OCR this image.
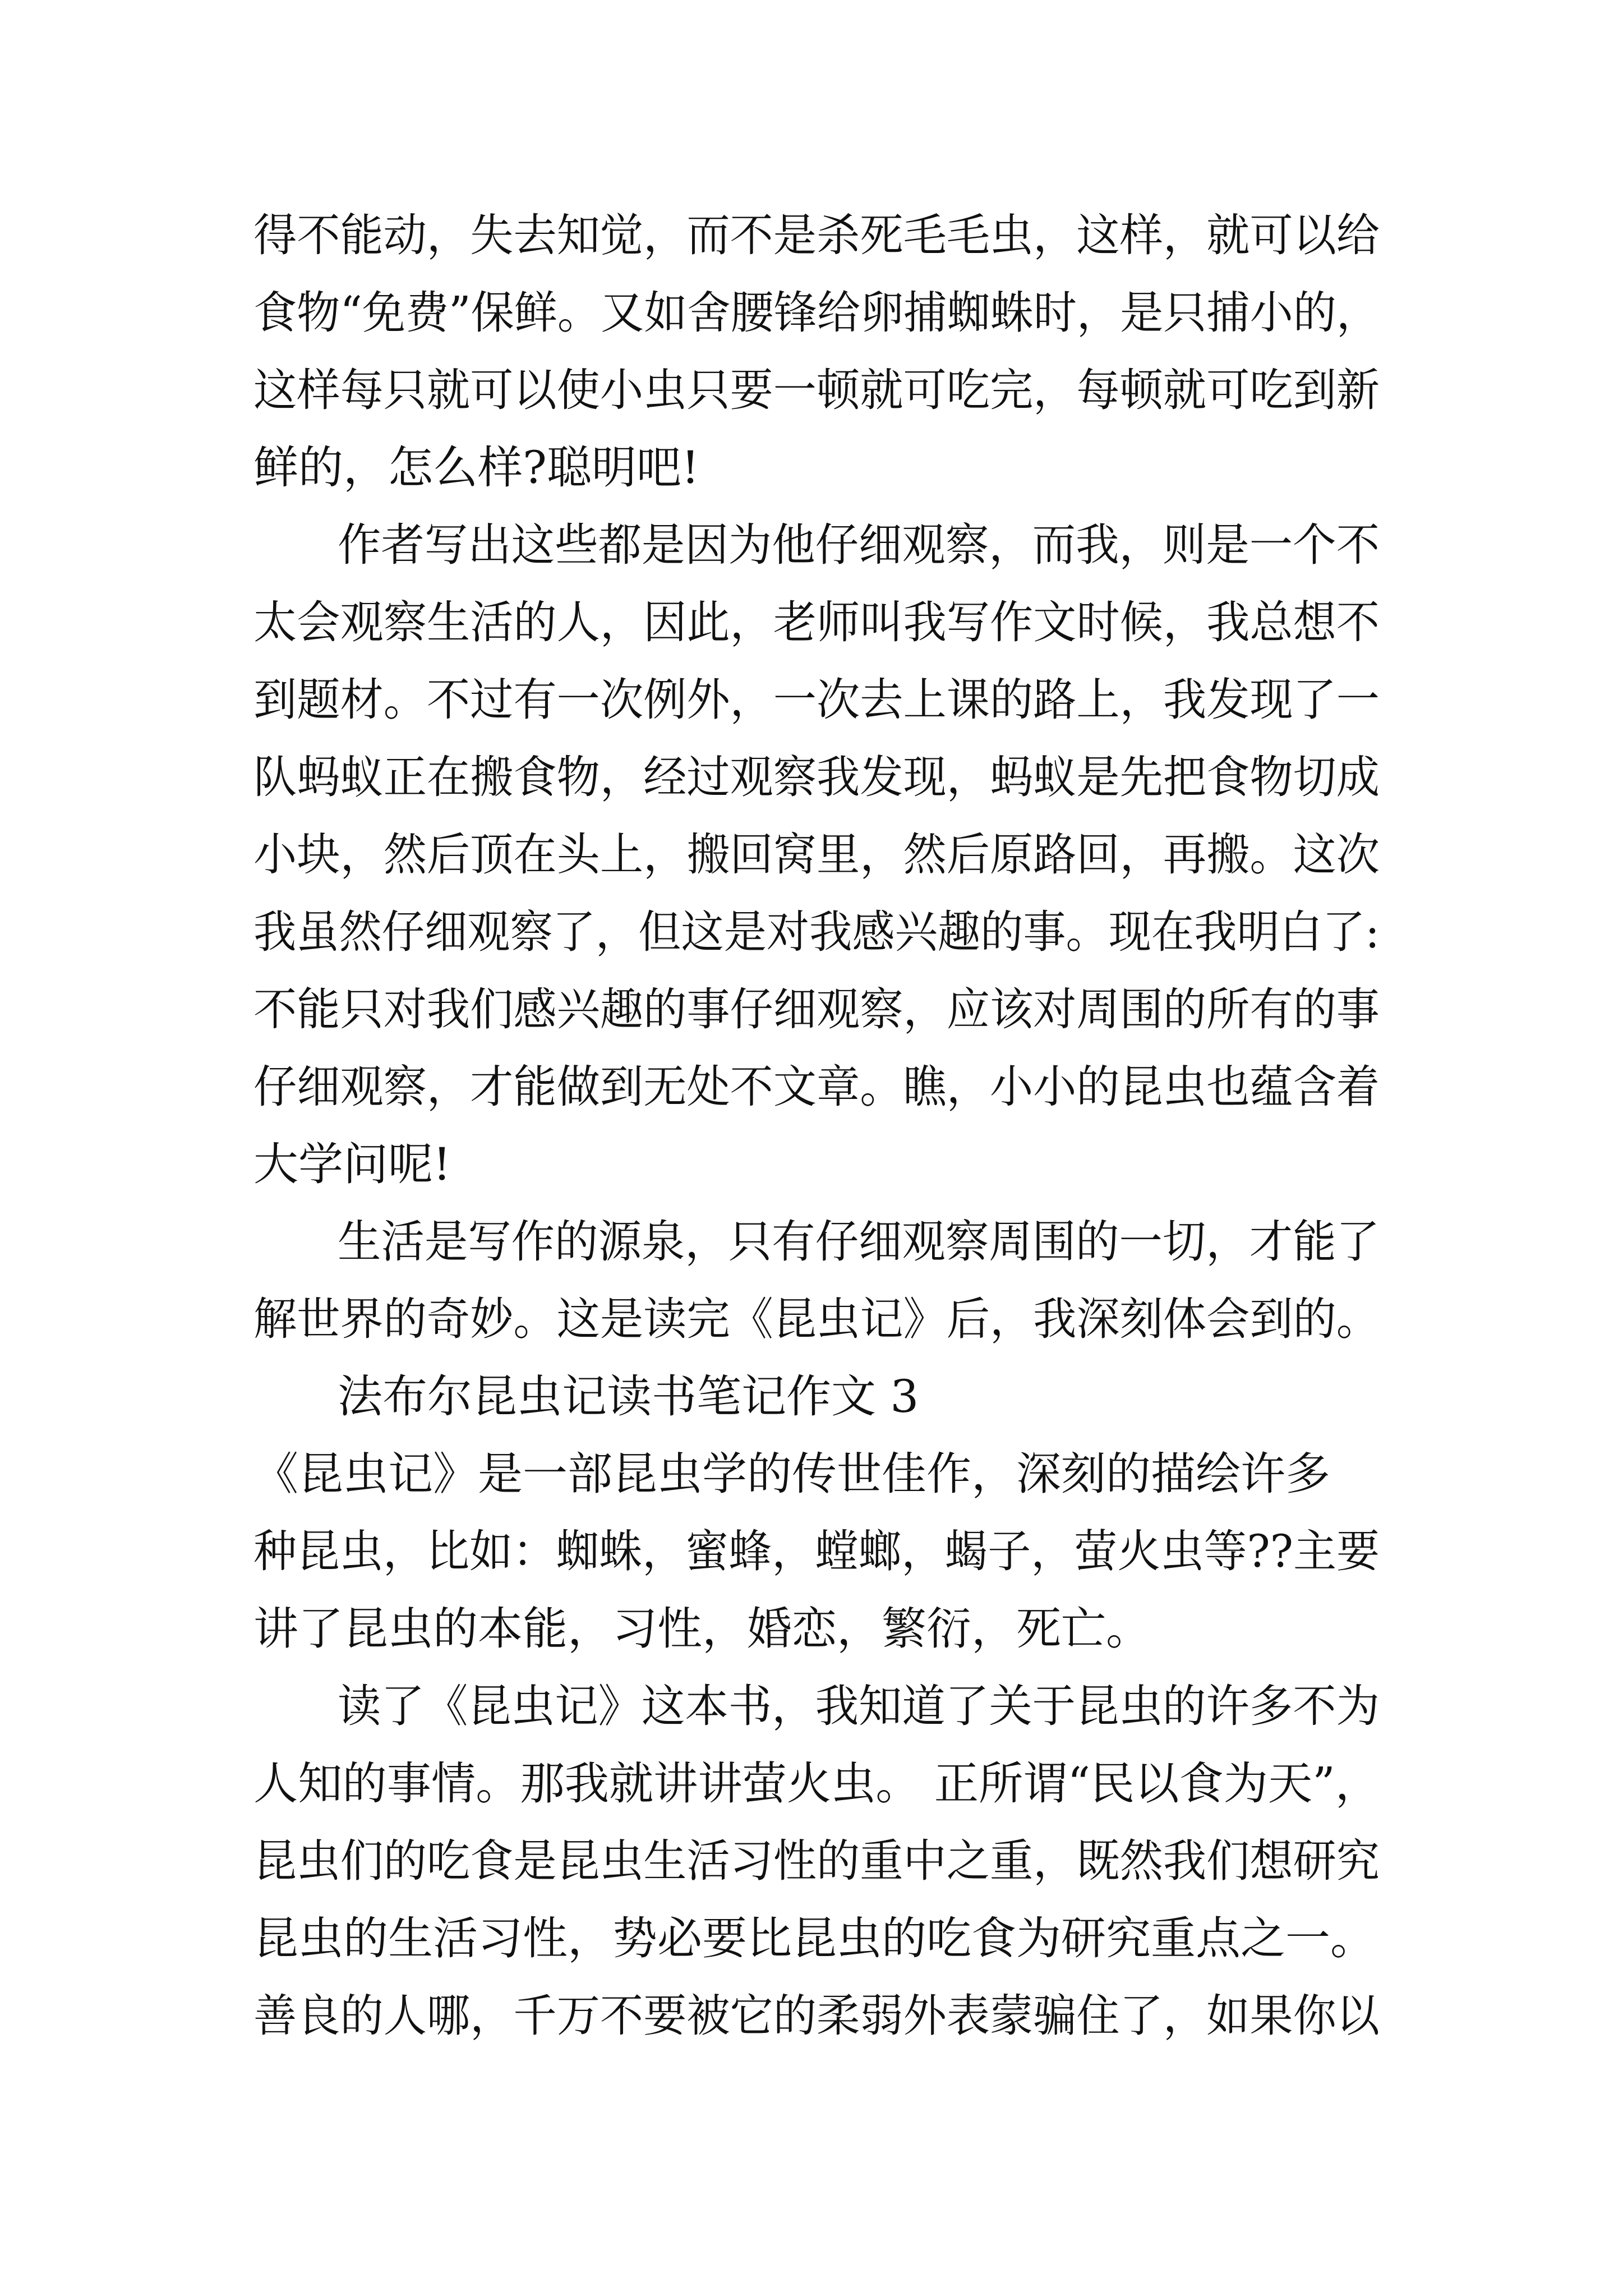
得不能动，失去知觉，而不是杀死毛毛虫，这样，就可以给

食物“免费”保鲜。又如舍腰锋给卵捕蜘蛛时，是只捕小的，

这样每只就可以使小虫只要一顿就可吃完，每顿就可吃到新

鲜的，怎么样?聪明吧!

作者写出这些都是因为他仔细观察，而我，则是一个不

太会观察生活的人，因此，老师叫我写作文时候，我总想不

到题材。不过有一次例外，一次去上课的路上，我发现了一

队蚂蚁正在搬食物，经过观察我发现，蚂蚁是先把食物切成

小块，然后顶在头上，搬回窝里，然后原路回，再搬。这次

我虽然仔细观察了，但这是对我感兴趣的事。现在我明白了:

不能只对我们感兴趣的事仔细观察，应该对周围的所有的事

仔细观察，才能做到无处不文章。瞧，小小的昆虫也蕴含着

大学问呢!

生活是写作的源泉，只有仔细观察周围的一切，才能了

解世界的奇妙。这是读完《昆虫记》后，我深刻体会到的。

法布尔昆虫记读书笔记作文 3

《昆虫记》是一部昆虫学的传世佳作，深刻的描绘许多

种昆虫，比如：蜘蛛，蜜蜂，螳螂，蝎子，萤火虫等??主要

讲了昆虫的本能，习性，婚恋，繁衍，死亡。

读了《昆虫记》这本书，我知道了关于昆虫的许多不为

人知的事情。那我就讲讲萤火虫。 正所谓“民以食为天”，

昆虫们的吃食是昆虫生活习性的重中之重，既然我们想研究

昆虫的生活习性，势必要比昆虫的吃食为研究重点之一。

善良的人哪，千万不要被它的柔弱外表蒙骗住了，如果你以
